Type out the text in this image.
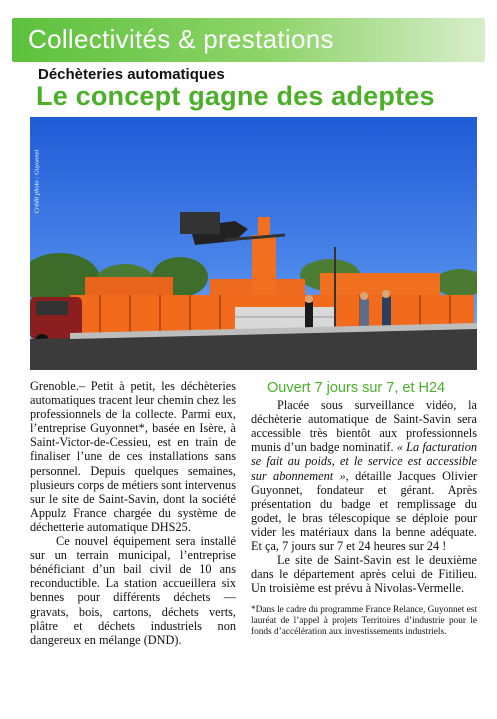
Collectivités & prestations
Déchèteries automatiques
Le concept gagne des adeptes
Crédit photo : Guyonnet

Grenoble.– Petit à petit, les déchèteries automatiques tracent leur chemin chez les professionnels de la collecte. Parmi eux, l’entreprise Guyonnet*, basée en Isère, à Saint-Victor-de-Cessieu, est en train de finaliser l’une de ces installations sans personnel. Depuis quelques semaines, plusieurs corps de métiers sont intervenus sur le site de Saint-Savin, dont la société Appulz France chargée du système de déchetterie automatique DHS25.

Ce nouvel équipement sera installé sur un terrain municipal, l’entreprise bénéficiant d’un bail civil de 10 ans reconductible. La station accueillera six bennes pour différents déchets — gravats, bois, cartons, déchets verts, plâtre et déchets industriels non dangereux en mélange (DND).

Ouvert 7 jours sur 7, et H24

Placée sous surveillance vidéo, la déchèterie automatique de Saint-Savin sera accessible très bientôt aux professionnels munis d’un badge nominatif. « La facturation se fait au poids, et le service est accessible sur abonnement », détaille Jacques Olivier Guyonnet, fondateur et gérant. Après présentation du badge et remplissage du godet, le bras télescopique se déploie pour vider les matériaux dans la benne adéquate. Et ça, 7 jours sur 7 et 24 heures sur 24 !

Le site de Saint-Savin est le deuxième dans le département après celui de Fitilieu. Un troisième est prévu à Nivolas-Vermelle.

*Dans le cadre du programme France Relance, Guyonnet est lauréat de l’appel à projets Territoires d’industrie pour le fonds d’accélération aux investissements industriels.
